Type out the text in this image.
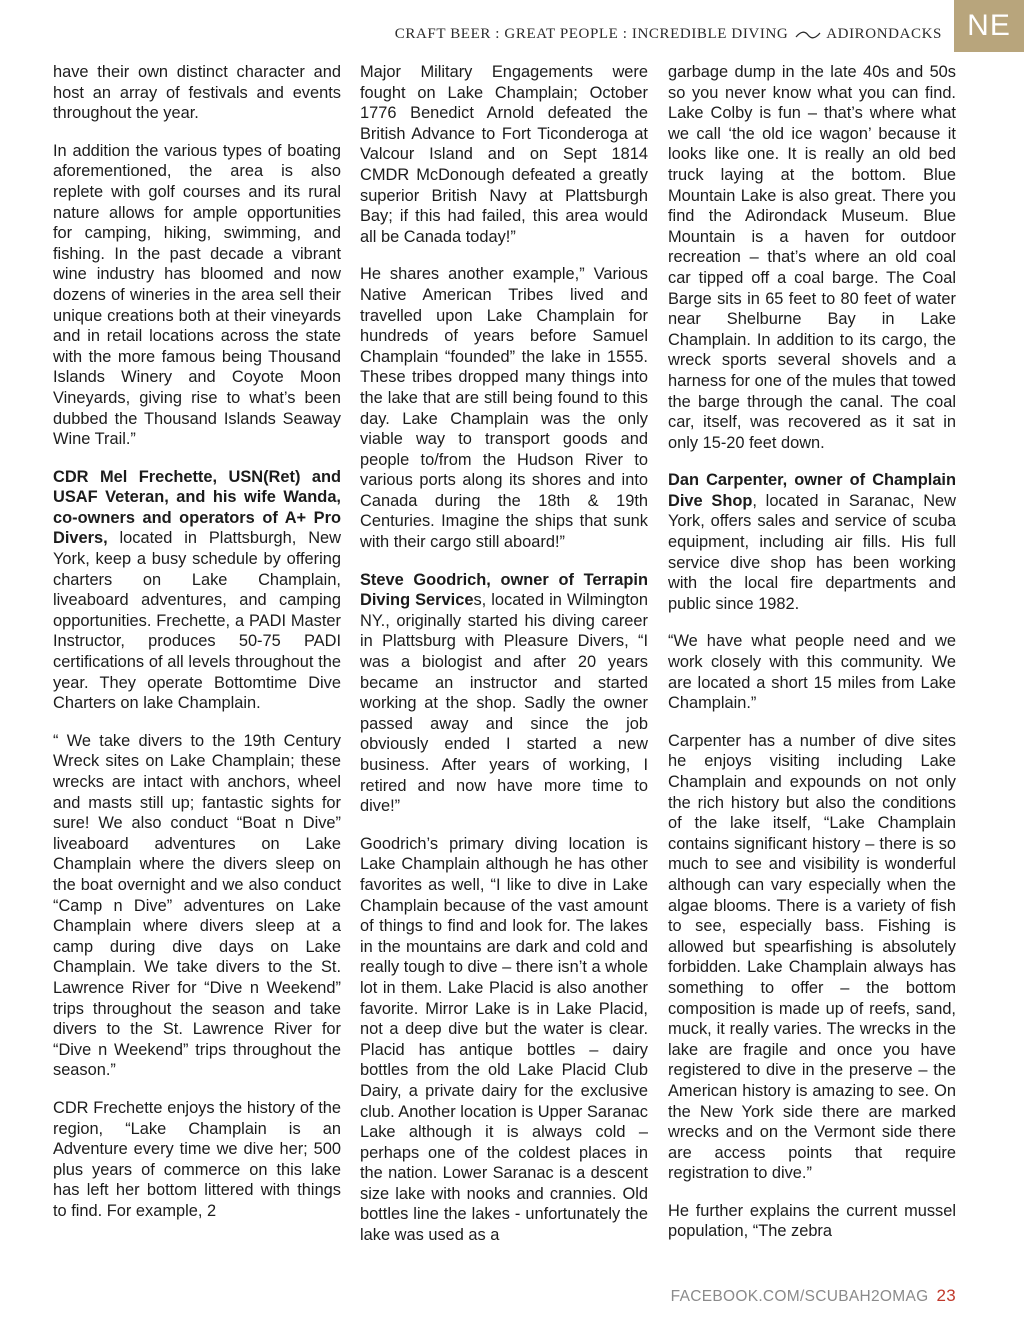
CRAFT BEER : GREAT PEOPLE : INCREDIBLE DIVING	ADIRONDACKS NE

have their own distinct character and host an array of festivals and events throughout the year.

In addition the various types of boating aforementioned, the area is also replete with golf courses and its rural nature allows for ample opportunities for camping, hiking, swimming, and fishing. In the past decade a vibrant wine industry has bloomed and now dozens of wineries in the area sell their unique creations both at their vineyards and in retail locations across the state with the more famous being Thousand Islands Winery and Coyote Moon Vineyards, giving rise to what’s been dubbed the Thousand Islands Seaway Wine Trail.”

CDR Mel Frechette, USN(Ret) and USAF Veteran, and his wife Wanda, co-owners and operators of A+ Pro Divers, located in Plattsburgh, New York, keep a busy schedule by offering charters on Lake Champlain, liveaboard adventures, and camping opportunities. Frechette, a PADI Master Instructor, produces 50-75 PADI certifications of all levels throughout the year. They operate Bottomtime Dive Charters on lake Champlain.

“ We take divers to the 19th Century Wreck sites on Lake Champlain; these wrecks are intact with anchors, wheel and masts still up; fantastic sights for sure! We also conduct “Boat n Dive” liveaboard adventures on Lake Champlain where the divers sleep on the boat overnight and we also conduct “Camp n Dive” adventures on Lake Champlain where divers sleep at a camp during dive days on Lake Champlain. We take divers to the St. Lawrence River for “Dive n Weekend” trips throughout the season and take divers to the St. Lawrence River for “Dive n Weekend” trips throughout the season.”

CDR Frechette enjoys the history of the region, “Lake Champlain is an Adventure every time we dive her; 500 plus years of commerce on this lake has left her bottom littered with things to find. For example, 2

Major Military Engagements were fought on Lake Champlain; October 1776 Benedict Arnold defeated the British Advance to Fort Ticonderoga at Valcour Island and on Sept 1814 CMDR McDonough defeated a greatly superior British Navy at Plattsburgh Bay; if this had failed, this area would all be Canada today!”

He shares another example,” Various Native American Tribes lived and travelled upon Lake Champlain for hundreds of years before Samuel Champlain “founded” the lake in 1555. These tribes dropped many things into the lake that are still being found to this day. Lake Champlain was the only viable way to transport goods and people to/from the Hudson River to various ports along its shores and into Canada during the 18th & 19th Centuries. Imagine the ships that sunk with their cargo still aboard!”

Steve Goodrich, owner of Terrapin Diving Services, located in Wilmington NY., originally started his diving career in Plattsburg with Pleasure Divers, “I was a biologist and after 20 years became an instructor and started working at the shop. Sadly the owner passed away and since the job obviously ended I started a new business. After years of working, I retired and now have more time to dive!”

Goodrich’s primary diving location is Lake Champlain although he has other favorites as well, “I like to dive in Lake Champlain because of the vast amount of things to find and look for. The lakes in the mountains are dark and cold and really tough to dive – there isn’t a whole lot in them. Lake Placid is also another favorite. Mirror Lake is in Lake Placid, not a deep dive but the water is clear. Placid has antique bottles – dairy bottles from the old Lake Placid Club Dairy, a private dairy for the exclusive club. Another location is Upper Saranac Lake although it is always cold – perhaps one of the coldest places in the nation. Lower Saranac is a descent size lake with nooks and crannies. Old bottles line the lakes - unfortunately the lake was used as a

garbage dump in the late 40s and 50s so you never know what you can find. Lake Colby is fun – that’s where what we call ‘the old ice wagon’ because it looks like one. It is really an old bed truck laying at the bottom. Blue Mountain Lake is also great. There you find the Adirondack Museum. Blue Mountain is a haven for outdoor recreation – that’s where an old coal car tipped off a coal barge. The Coal Barge sits in 65 feet to 80 feet of water near Shelburne Bay in Lake Champlain. In addition to its cargo, the wreck sports several shovels and a harness for one of the mules that towed the barge through the canal. The coal car, itself, was recovered as it sat in only 15-20 feet down.

Dan Carpenter, owner of Champlain Dive Shop, located in Saranac, New York, offers sales and service of scuba equipment, including air fills. His full service dive shop has been working with the local fire departments and public since 1982.

“We have what people need and we work closely with this community. We are located a short 15 miles from Lake Champlain.”

Carpenter has a number of dive sites he enjoys visiting including Lake Champlain and expounds on not only the rich history but also the conditions of the lake itself, “Lake Champlain contains significant history – there is so much to see and visibility is wonderful although can vary especially when the algae blooms. There is a variety of fish to see, especially bass. Fishing is allowed but spearfishing is absolutely forbidden. Lake Champlain always has something to offer – the bottom composition is made up of reefs, sand, muck, it really varies. The wrecks in the lake are fragile and once you have registered to dive in the preserve – the American history is amazing to see. On the New York side there are marked wrecks and on the Vermont side there are access points that require registration to dive.”

He further explains the current mussel population, “The zebra

FACEBOOK.COM/SCUBAH2OMAG 23
